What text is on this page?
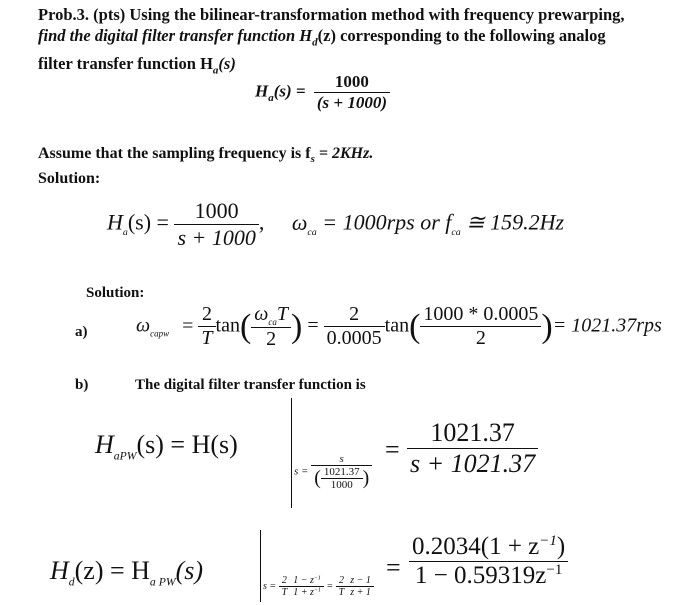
Prob.3. (pts) Using the bilinear-transformation method with frequency prewarping,
find the digital filter transfer function $H_d(z)$ corresponding to the following analog
filter transfer function $H_a(s)$
$H_a(s) = \frac{1000}{(s + 1000)}$
Assume that the sampling frequency is $f_s = 2KHz$.
Solution:
$H_a(s) = \frac{1000}{s + 1000}$ , $\omega_{ca} = 1000rps$ or $f_{ca}$ ≅ 159.2Hz
Solution:
a) $\omega_{capw} = \frac{2}{T} \tan( \frac{\omega_{ca}T}{2}$ ) = $\frac{2}{0.0005} \tan( \frac{1000 * 0.0005}{2}$ )= 1021.37rps
b)	The digital filter transfer function is
$H_{aPW}(s) = H(s)$
$s = \frac{s}{( \frac{1021.37}{1000} )}$
= $\frac{1021.37}{s + 1021.37}$
$H_d(z) = H_{a PW}(s)$
$s = \frac{2}{T} \frac{1 - z^{-1}}{1 + z^{-1}} = \frac{2}{T} \frac{z - 1}{z + 1}$
= $\frac{0.2034(1 + z^{-1})}{1 - 0.59319z^{-1}}$
